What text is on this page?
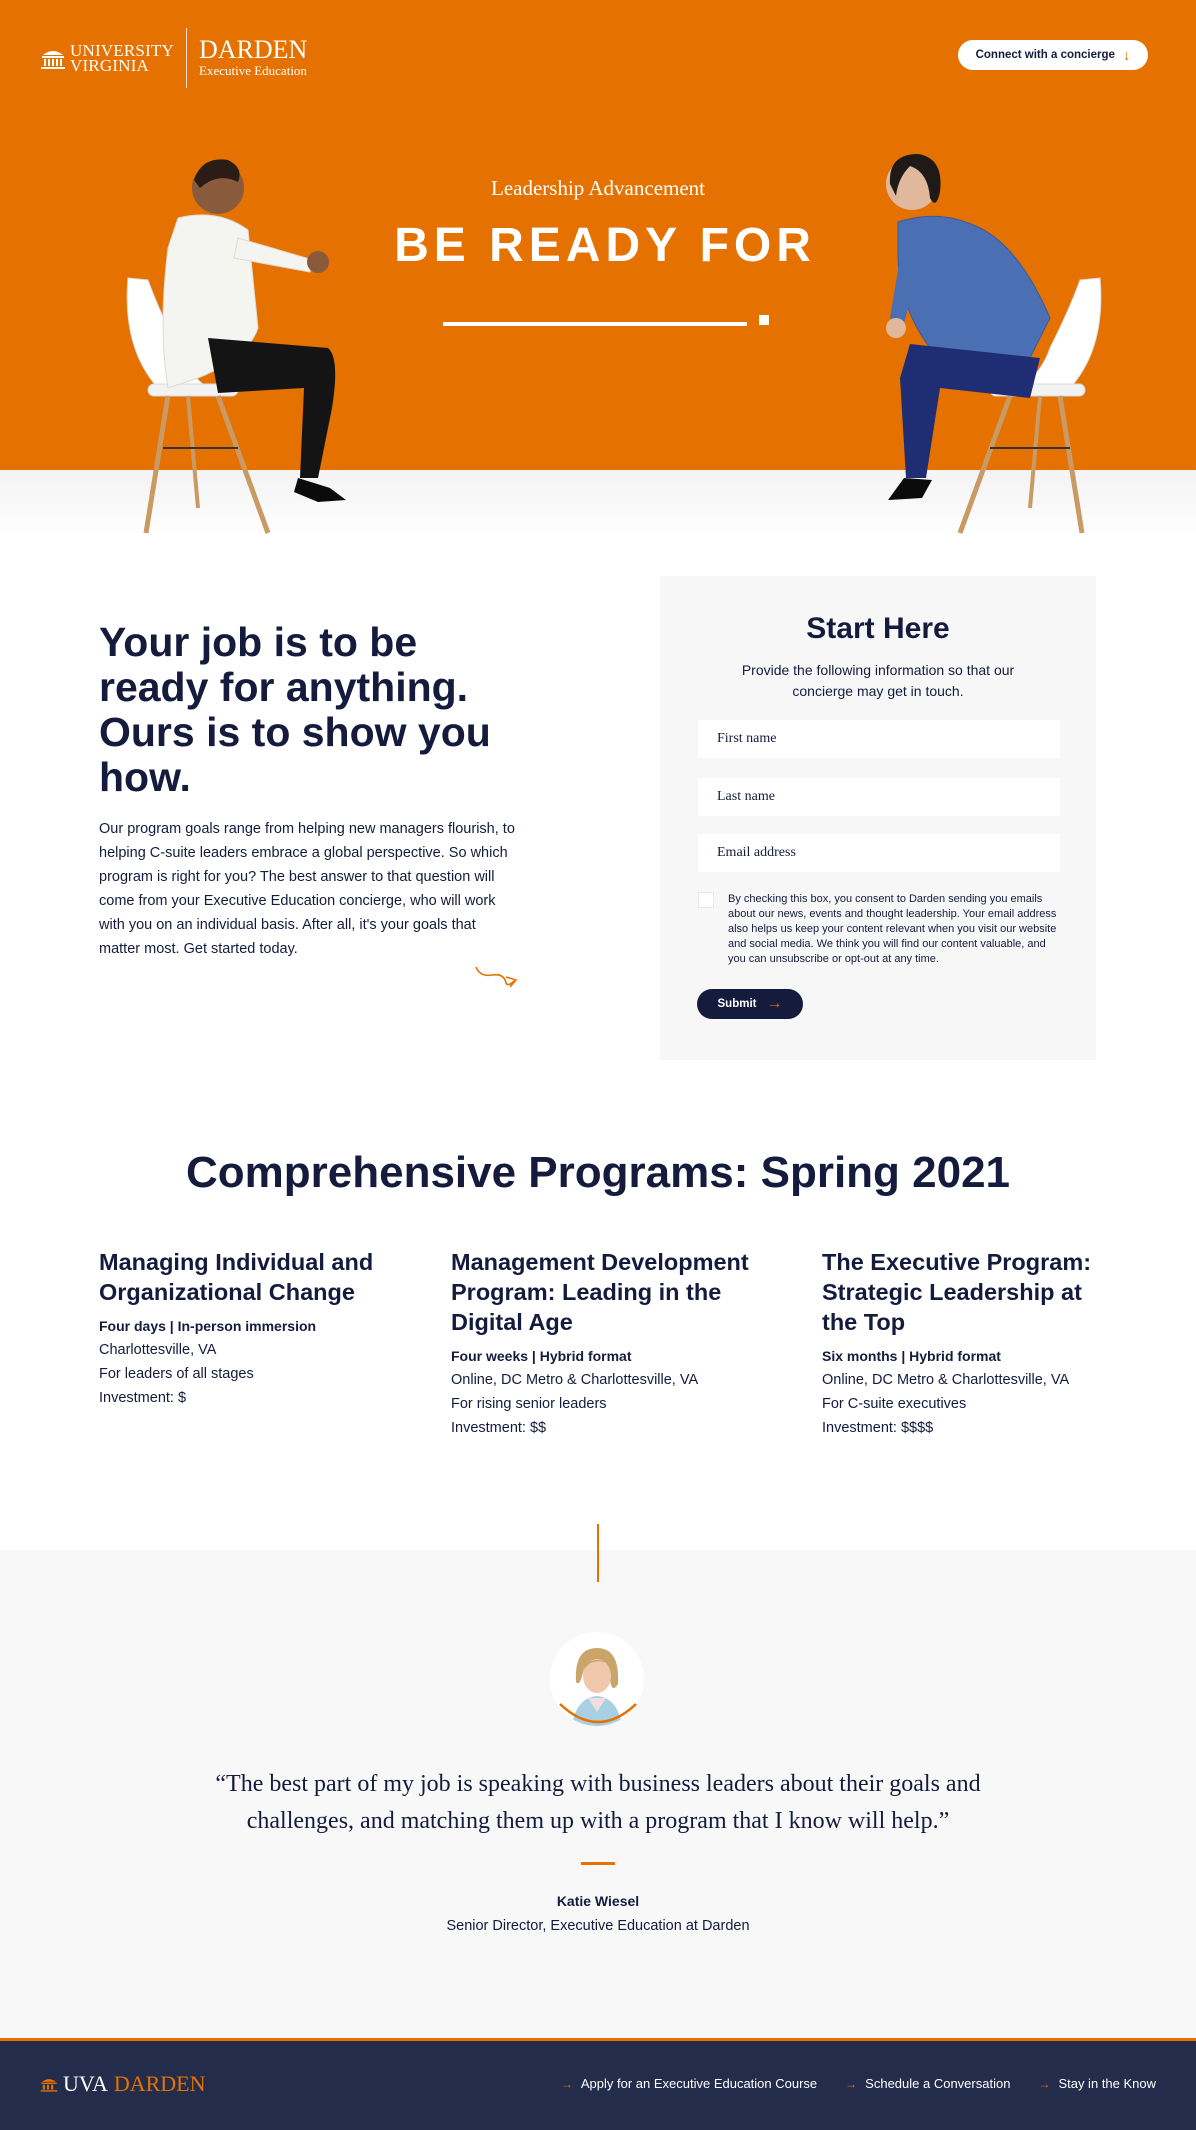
UNIVERSITY
VIRGINIA
DARDEN
Executive Education
Connect with a concierge ↓
Leadership Advancement
BE READY FOR
Your job is to be ready for anything. Ours is to show you how.

Our program goals range from helping new managers flourish, to helping C-suite leaders embrace a global perspective. So which program is right for you? The best answer to that question will come from your Executive Education concierge, who will work with you on an individual basis. After all, it's your goals that matter most. Get started today.

Start Here

Provide the following information so that our concierge may get in touch.

First name
Last name
Email address

By checking this box, you consent to Darden sending you emails about our news, events and thought leadership. Your email address also helps us keep your content relevant when you visit our website and social media. We think you will find our content valuable, and you can unsubscribe or opt-out at any time.

Submit →
Comprehensive Programs: Spring 2021
Managing Individual and Organizational Change
Four days | In-person immersion
Charlottesville, VA
For leaders of all stages
Investment: $
Management Development Program: Leading in the Digital Age
Four weeks | Hybrid format
Online, DC Metro & Charlottesville, VA
For rising senior leaders
Investment: $$
The Executive Program: Strategic Leadership at the Top
Six months | Hybrid format
Online, DC Metro & Charlottesville, VA
For C-suite executives
Investment: $$$$

“The best part of my job is speaking with business leaders about their goals and challenges, and matching them up with a program that I know will help.”

Katie Wiesel
Senior Director, Executive Education at Darden
UVA DARDEN	→ Apply for an Executive Education Course → Schedule a Conversation → Stay in the Know
